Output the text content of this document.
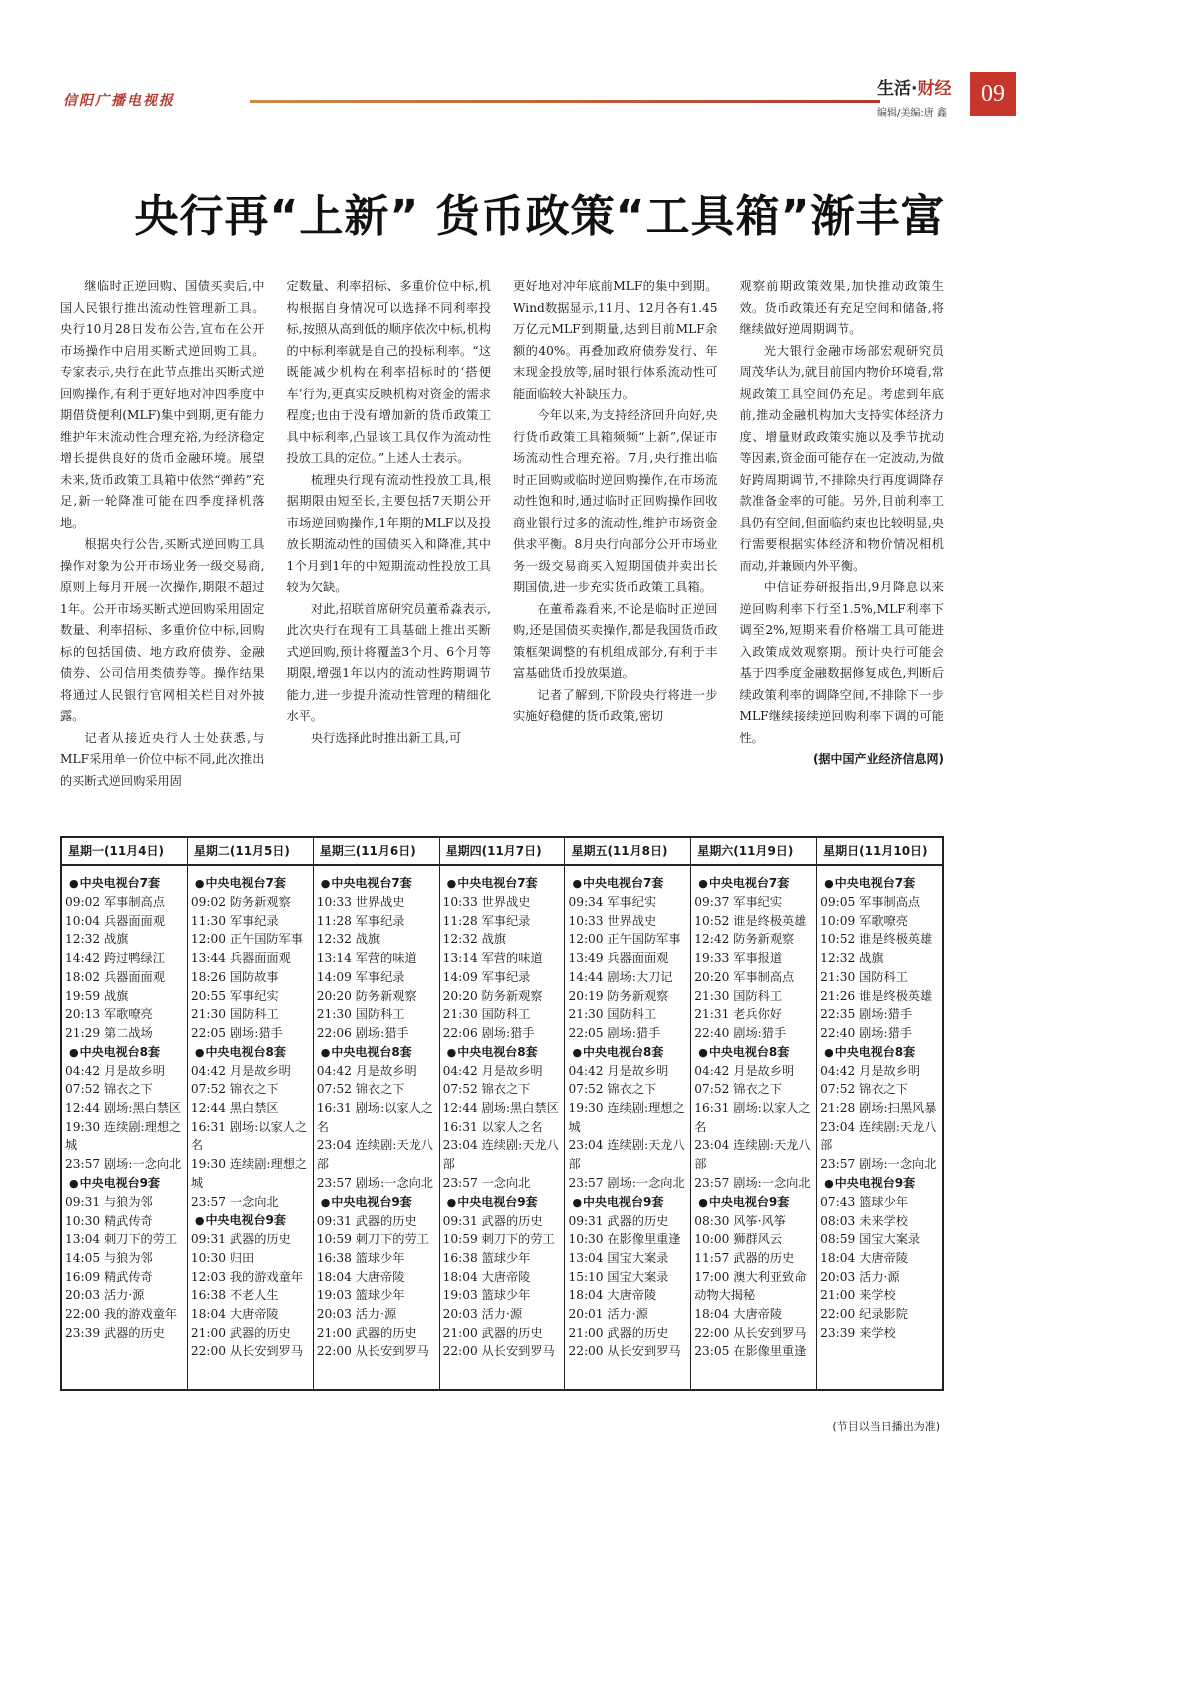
信阳广播电视报
生活·财经
编辑/美编:唐 鑫
09
央行再“上新” 货币政策“工具箱”渐丰富

继临时正逆回购、国债买卖后,中国人民银行推出流动性管理新工具。央行10月28日发布公告,宣布在公开市场操作中启用买断式逆回购工具。专家表示,央行在此节点推出买断式逆回购操作,有利于更好地对冲四季度中期借贷便利(MLF)集中到期,更有能力维护年末流动性合理充裕,为经济稳定增长提供良好的货币金融环境。展望未来,货币政策工具箱中依然“弹药”充足,新一轮降准可能在四季度择机落地。

根据央行公告,买断式逆回购工具操作对象为公开市场业务一级交易商,原则上每月开展一次操作,期限不超过1年。公开市场买断式逆回购采用固定数量、利率招标、多重价位中标,回购标的包括国债、地方政府债券、金融债券、公司信用类债券等。操作结果将通过人民银行官网相关栏目对外披露。

记者从接近央行人士处获悉,与MLF采用单一价位中标不同,此次推出的买断式逆回购采用固

定数量、利率招标、多重价位中标,机构根据自身情况可以选择不同利率投标,按照从高到低的顺序依次中标,机构的中标利率就是自己的投标利率。“这既能减少机构在利率招标时的‘搭便车’行为,更真实反映机构对资金的需求程度;也由于没有增加新的货币政策工具中标利率,凸显该工具仅作为流动性投放工具的定位。”上述人士表示。

梳理央行现有流动性投放工具,根据期限由短至长,主要包括7天期公开市场逆回购操作,1年期的MLF以及投放长期流动性的国债买入和降准,其中1个月到1年的中短期流动性投放工具较为欠缺。

对此,招联首席研究员董希淼表示,此次央行在现有工具基础上推出买断式逆回购,预计将覆盖3个月、6个月等期限,增强1年以内的流动性跨期调节能力,进一步提升流动性管理的精细化水平。

央行选择此时推出新工具,可

更好地对冲年底前MLF的集中到期。Wind数据显示,11月、12月各有1.45万亿元MLF到期量,达到目前MLF余额的40%。再叠加政府债券发行、年末现金投放等,届时银行体系流动性可能面临较大补缺压力。

今年以来,为支持经济回升向好,央行货币政策工具箱频频“上新”,保证市场流动性合理充裕。7月,央行推出临时正回购或临时逆回购操作,在市场流动性饱和时,通过临时正回购操作回收商业银行过多的流动性,维护市场资金供求平衡。8月央行向部分公开市场业务一级交易商买入短期国债并卖出长期国债,进一步充实货币政策工具箱。

在董希淼看来,不论是临时正逆回购,还是国债买卖操作,都是我国货币政策框架调整的有机组成部分,有利于丰富基础货币投放渠道。

记者了解到,下阶段央行将进一步实施好稳健的货币政策,密切

观察前期政策效果,加快推动政策生效。货币政策还有充足空间和储备,将继续做好逆周期调节。

光大银行金融市场部宏观研究员周茂华认为,就目前国内物价环境看,常规政策工具空间仍充足。考虑到年底前,推动金融机构加大支持实体经济力度、增量财政政策实施以及季节扰动等因素,资金面可能存在一定波动,为做好跨周期调节,不排除央行再度调降存款准备金率的可能。另外,目前利率工具仍有空间,但面临约束也比较明显,央行需要根据实体经济和物价情况相机而动,并兼顾内外平衡。

中信证券研报指出,9月降息以来逆回购利率下行至1.5%,MLF利率下调至2%,短期来看价格端工具可能进入政策成效观察期。预计央行可能会基于四季度金融数据修复成色,判断后续政策利率的调降空间,不排除下一步MLF继续接续逆回购利率下调的可能性。

(据中国产业经济信息网)
星期一(11月4日)
●中央电视台7套
09:02 军事制高点
10:04 兵器面面观
12:32 战旗
14:42 跨过鸭绿江
18:02 兵器面面观
19:59 战旗
20:13 军歌嘹亮
21:29 第二战场
●中央电视台8套
04:42 月是故乡明
07:52 锦衣之下
12:44 剧场:黑白禁区
19:30 连续剧:理想之城
23:57 剧场:一念向北
●中央电视台9套
09:31 与狼为邻
10:30 精武传奇
13:04 刺刀下的劳工
14:05 与狼为邻
16:09 精武传奇
20:03 活力·源
22:00 我的游戏童年
23:39 武器的历史
星期二(11月5日)
●中央电视台7套
09:02 防务新观察
11:30 军事纪录
12:00 正午国防军事
13:44 兵器面面观
18:26 国防故事
20:55 军事纪实
21:30 国防科工
22:05 剧场:猎手
●中央电视台8套
04:42 月是故乡明
07:52 锦衣之下
12:44 黑白禁区
16:31 剧场:以家人之名
19:30 连续剧:理想之城
23:57 一念向北
●中央电视台9套
09:31 武器的历史
10:30 归田
12:03 我的游戏童年
16:38 不老人生
18:04 大唐帝陵
21:00 武器的历史
22:00 从长安到罗马
星期三(11月6日)
●中央电视台7套
10:33 世界战史
11:28 军事纪录
12:32 战旗
13:14 军营的味道
14:09 军事纪录
20:20 防务新观察
21:30 国防科工
22:06 剧场:猎手
●中央电视台8套
04:42 月是故乡明
07:52 锦衣之下
16:31 剧场:以家人之名
23:04 连续剧:天龙八部
23:57 剧场:一念向北
●中央电视台9套
09:31 武器的历史
10:59 刺刀下的劳工
16:38 篮球少年
18:04 大唐帝陵
19:03 篮球少年
20:03 活力·源
21:00 武器的历史
22:00 从长安到罗马
星期四(11月7日)
●中央电视台7套
10:33 世界战史
11:28 军事纪录
12:32 战旗
13:14 军营的味道
14:09 军事纪录
20:20 防务新观察
21:30 国防科工
22:06 剧场:猎手
●中央电视台8套
04:42 月是故乡明
07:52 锦衣之下
12:44 剧场:黑白禁区
16:31 以家人之名
23:04 连续剧:天龙八部
23:57 一念向北
●中央电视台9套
09:31 武器的历史
10:59 刺刀下的劳工
16:38 篮球少年
18:04 大唐帝陵
19:03 篮球少年
20:03 活力·源
21:00 武器的历史
22:00 从长安到罗马
星期五(11月8日)
●中央电视台7套
09:34 军事纪实
10:33 世界战史
12:00 正午国防军事
13:49 兵器面面观
14:44 剧场:大刀记
20:19 防务新观察
21:30 国防科工
22:05 剧场:猎手
●中央电视台8套
04:42 月是故乡明
07:52 锦衣之下
19:30 连续剧:理想之城
23:04 连续剧:天龙八部
23:57 剧场:一念向北
●中央电视台9套
09:31 武器的历史
10:30 在影像里重逢
13:04 国宝大案录
15:10 国宝大案录
18:04 大唐帝陵
20:01 活力·源
21:00 武器的历史
22:00 从长安到罗马
星期六(11月9日)
●中央电视台7套
09:37 军事纪实
10:52 谁是终极英雄
12:42 防务新观察
19:33 军事报道
20:20 军事制高点
21:30 国防科工
21:31 老兵你好
22:40 剧场:猎手
●中央电视台8套
04:42 月是故乡明
07:52 锦衣之下
16:31 剧场:以家人之名
23:04 连续剧:天龙八部
23:57 剧场:一念向北
●中央电视台9套
08:30 风筝·风筝
10:00 狮群风云
11:57 武器的历史
17:00 澳大利亚致命动物大揭秘
18:04 大唐帝陵
22:00 从长安到罗马
23:05 在影像里重逢
星期日(11月10日)
●中央电视台7套
09:05 军事制高点
10:09 军歌嘹亮
10:52 谁是终极英雄
12:32 战旗
21:30 国防科工
21:26 谁是终极英雄
22:35 剧场:猎手
22:40 剧场:猎手
●中央电视台8套
04:42 月是故乡明
07:52 锦衣之下
21:28 剧场:扫黑风暴
23:04 连续剧:天龙八部
23:57 剧场:一念向北
●中央电视台9套
07:43 篮球少年
08:03 未来学校
08:59 国宝大案录
18:04 大唐帝陵
20:03 活力·源
21:00 来学校
22:00 纪录影院
23:39 来学校
(节目以当日播出为准)
